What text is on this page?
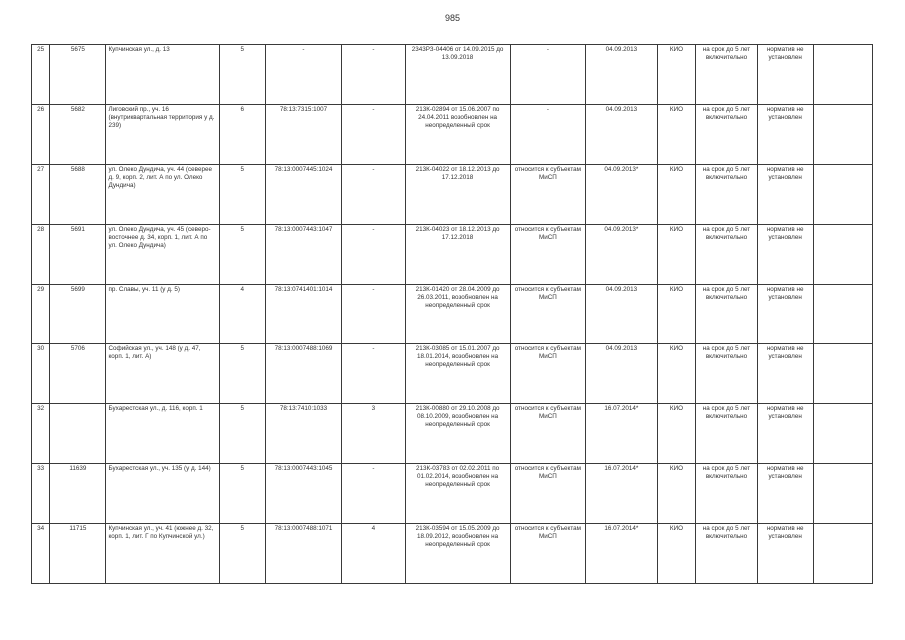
985
25	5675	Купчинская ул., д. 13	5	-	-	2343РЗ-04406 от 14.09.2015 до 13.09.2018	-	04.09.2013	КИО	на срок до 5 лет включительно	норматив не установлен	
26	5682	Лиговский пр., уч. 16 (внутриквартальная территория у д. 239)	6	78:13:7315:1007	-	213К-02894 от 15.06.2007 по 24.04.2011 возобновлен на неопределенный срок	-	04.09.2013	КИО	на срок до 5 лет включительно	норматив не установлен	
27	5688	ул. Олеко Дундича, уч. 44 (северее д. 9, корп. 2, лит. А по ул. Олеко Дундича)	5	78:13:0007445:1024	-	213К-04022 от 18.12.2013 до 17.12.2018	относится к субъектам МиСП	04.09.2013*	КИО	на срок до 5 лет включительно	норматив не установлен	
28	5691	ул. Олеко Дундича, уч. 45 (северо-восточнее д. 34, корп. 1, лит. А по ул. Олеко Дундича)	5	78:13:0007443:1047	-	213К-04023 от 18.12.2013 до 17.12.2018	относится к субъектам МиСП	04.09.2013*	КИО	на срок до 5 лет включительно	норматив не установлен	
29	5699	пр. Славы, уч. 11 (у д. 5)	4	78:13:0741401:1014	-	213К-01420 от 28.04.2009 до 26.03.2011, возобновлен на неопределенный срок	относится к субъектам МиСП	04.09.2013	КИО	на срок до 5 лет включительно	норматив не установлен	
30	5706	Софийская ул., уч. 148 (у д. 47, корп. 1, лит. А)	5	78:13:0007488:1069	-	213К-03085 от 15.01.2007 до 18.01.2014, возобновлен на неопределенный срок	относится к субъектам МиСП	04.09.2013	КИО	на срок до 5 лет включительно	норматив не установлен	
32		Бухарестская ул., д. 116, корп. 1	5	78:13:7410:1033	3	213К-00880 от 29.10.2008 до 08.10.2009, возобновлен на неопределенный срок	относится к субъектам МиСП	16.07.2014*	КИО	на срок до 5 лет включительно	норматив не установлен	
33	11639	Бухарестская ул., уч. 135 (у д. 144)	5	78:13:0007443:1045	-	213К-03783 от 02.02.2011 по 01.02.2014, возобновлен на неопределенный срок	относится к субъектам МиСП	16.07.2014*	КИО	на срок до 5 лет включительно	норматив не установлен	
34	11715	Купчинская ул., уч. 41 (южнее д. 32, корп. 1, лит. Г по Купчинской ул.)	5	78:13:0007488:1071	4	213К-03594 от 15.05.2009 до 18.09.2012, возобновлен на неопределенный срок	относится к субъектам МиСП	16.07.2014*	КИО	на срок до 5 лет включительно	норматив не установлен	
